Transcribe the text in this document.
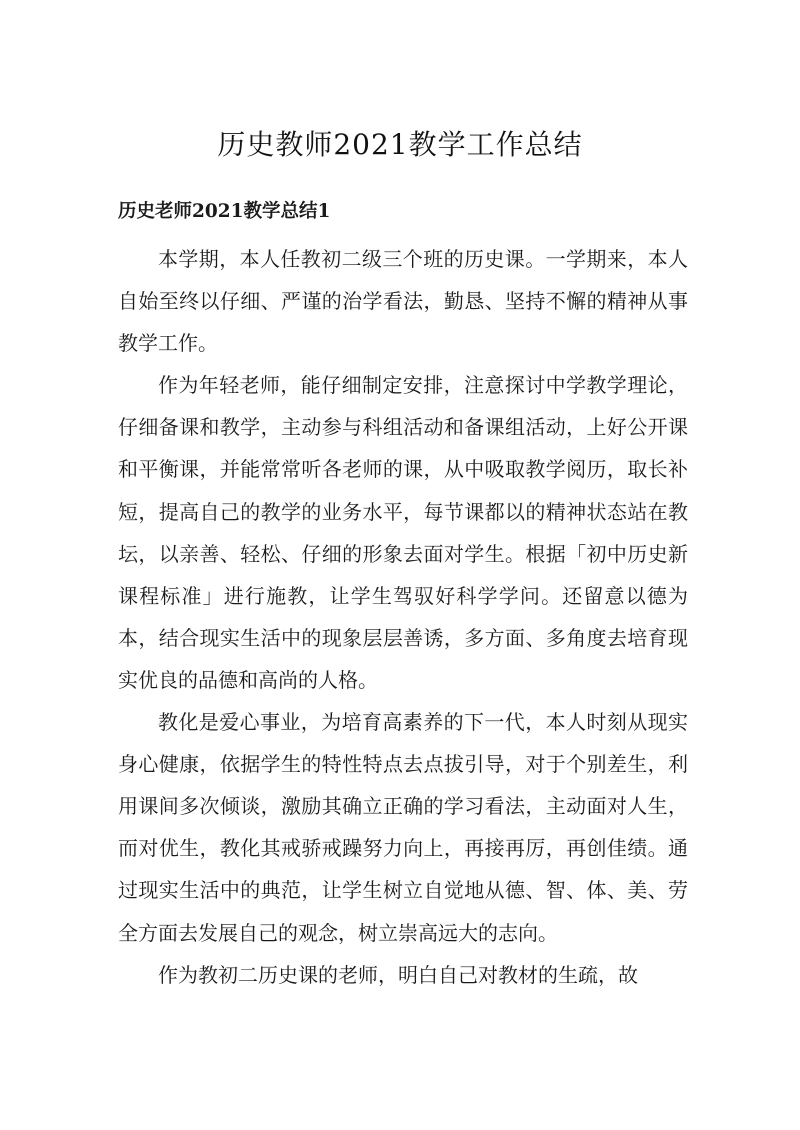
历史教师2021教学工作总结
历史老师2021教学总结1

本学期，本人任教初二级三个班的历史课。一学期来，本人自始至终以仔细、严谨的治学看法，勤恳、坚持不懈的精神从事教学工作。

作为年轻老师，能仔细制定安排，注意探讨中学教学理论，仔细备课和教学，主动参与科组活动和备课组活动，上好公开课和平衡课，并能常常听各老师的课，从中吸取教学阅历，取长补短，提高自己的教学的业务水平，每节课都以的精神状态站在教坛，以亲善、轻松、仔细的形象去面对学生。根据「初中历史新课程标准」进行施教，让学生驾驭好科学学问。还留意以德为本，结合现实生活中的现象层层善诱，多方面、多角度去培育现实优良的品德和高尚的人格。

教化是爱心事业，为培育高素养的下一代，本人时刻从现实身心健康，依据学生的特性特点去点拔引导，对于个别差生，利用课间多次倾谈，激励其确立正确的学习看法，主动面对人生，而对优生，教化其戒骄戒躁努力向上，再接再厉，再创佳绩。通过现实生活中的典范，让学生树立自觉地从德、智、体、美、劳全方面去发展自己的观念，树立崇高远大的志向。

作为教初二历史课的老师，明白自己对教材的生疏，故
